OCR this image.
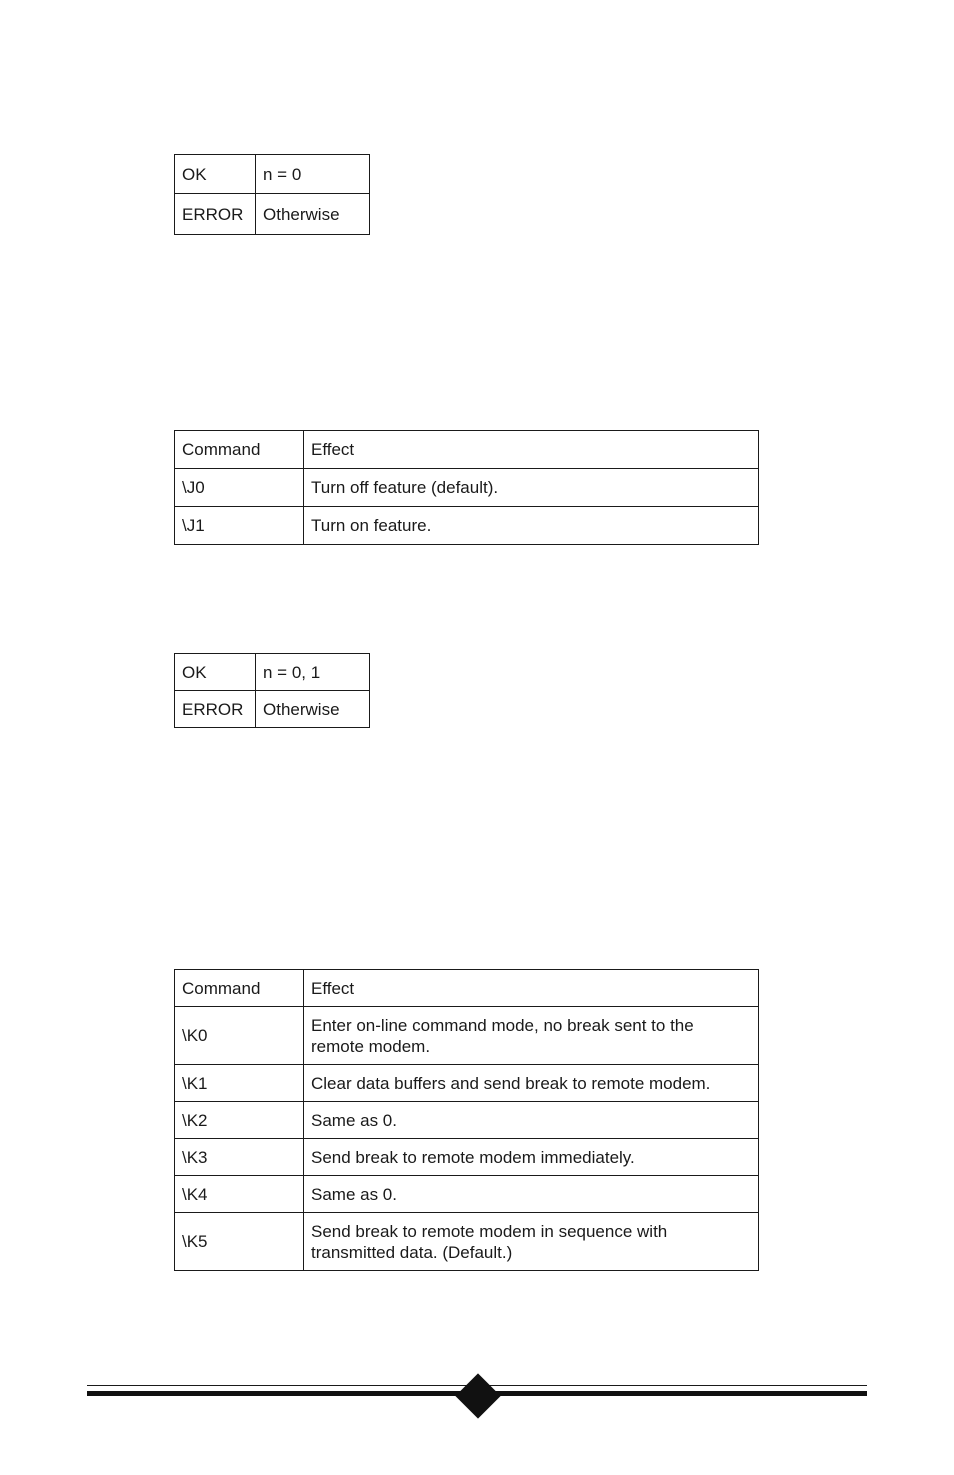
OK	n = 0
ERROR	Otherwise
Command	Effect
\J0	Turn off feature (default).
\J1	Turn on feature.
OK	n = 0, 1
ERROR	Otherwise
Command	Effect
\K0	Enter on-line command mode, no break sent to the remote modem.
\K1	Clear data buffers and send break to remote modem.
\K2	Same as 0.
\K3	Send break to remote modem immediately.
\K4	Same as 0.
\K5	Send break to remote modem in sequence with transmitted data. (Default.)
